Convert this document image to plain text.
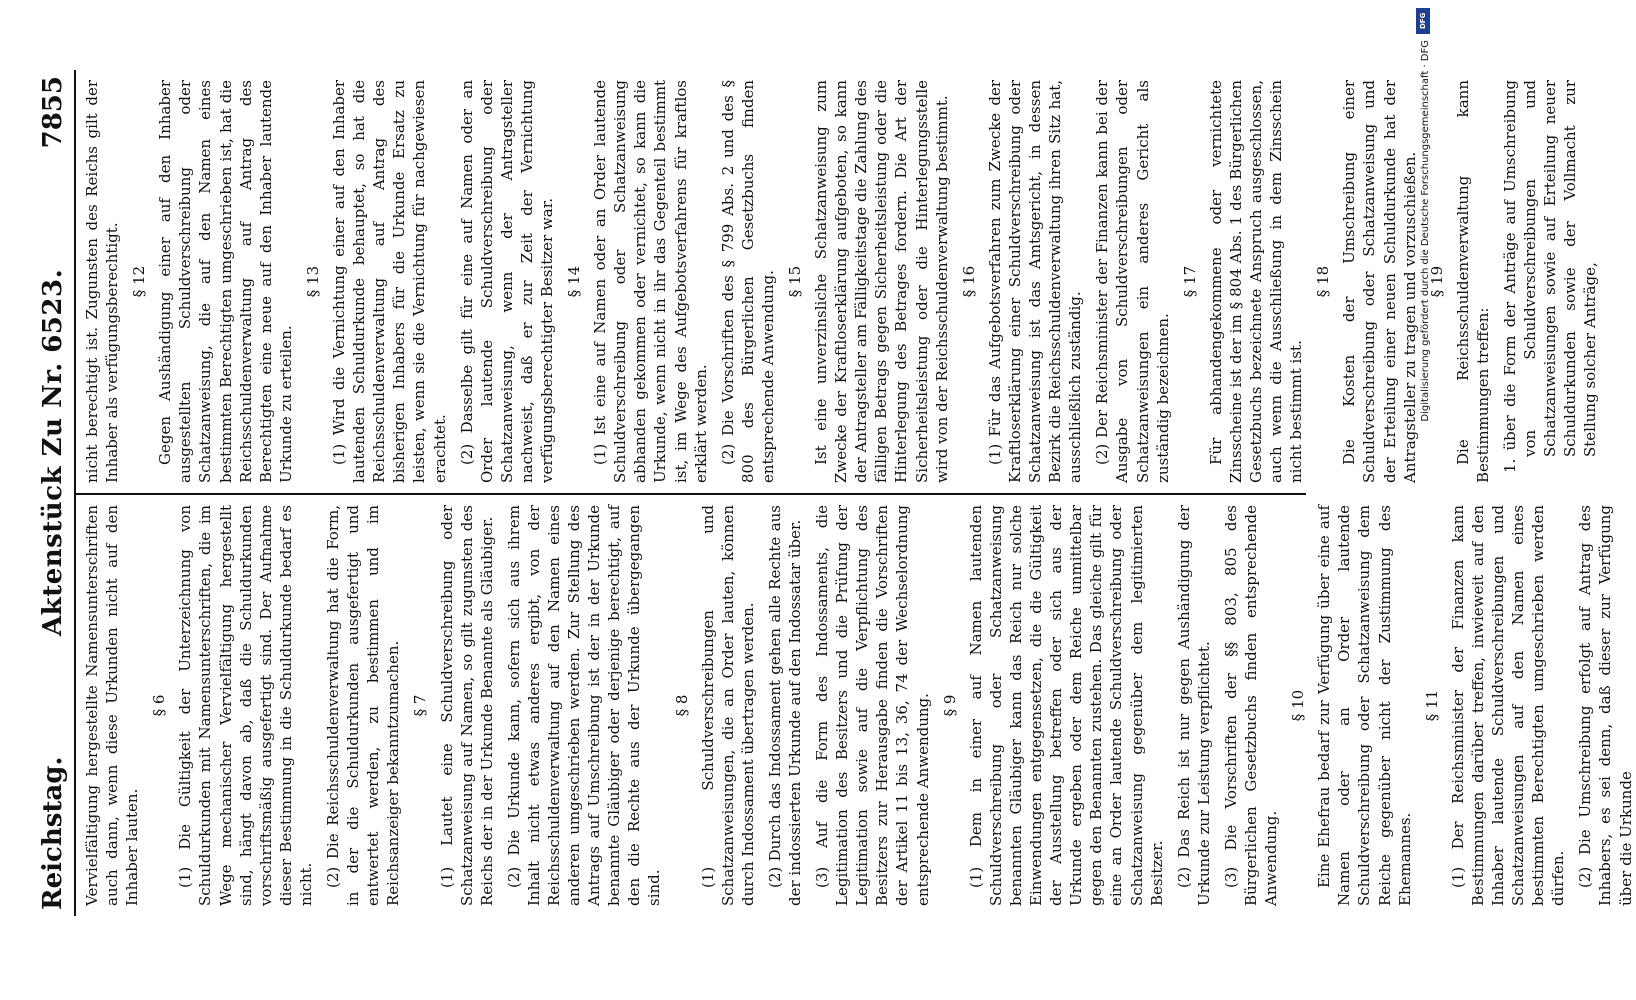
Reichstag.
Aktenstück Zu Nr. 6523.
7855

Vervielfältigung hergestellte Namensunterschriften auch dann, wenn diese Urkunden nicht auf den Inhaber lauten.

§ 6 (1) Die Gültigkeit der Unterzeichnung von Schuldurkunden mit Namensunterschriften, die im Wege mechanischer Vervielfältigung hergestellt sind, hängt davon ab, daß die Schuldurkunden vorschriftsmäßig ausgefertigt sind. Der Aufnahme dieser Bestimmung in die Schuldurkunde bedarf es nicht. (2) Die Reichsschuldenverwaltung hat die Form, in der die Schuldurkunden ausgefertigt und entwertet werden, zu bestimmen und im Reichsanzeiger bekanntzumachen. § 7 (1) Lautet eine Schuldverschreibung oder Schatzanweisung auf Namen, so gilt zugunsten des Reichs der in der Urkunde Benannte als Gläubiger. (2) Die Urkunde kann, sofern sich aus ihrem Inhalt nicht etwas anderes ergibt, von der Reichsschuldenverwaltung auf den Namen eines anderen umgeschrieben werden. Zur Stellung des Antrags auf Umschreibung ist der in der Urkunde benannte Gläubiger oder derjenige berechtigt, auf den die Rechte aus der Urkunde übergegangen sind.

§ 8 (1) Schuldverschreibungen und Schatzanweisungen, die an Order lauten, können durch Indossament übertragen werden. (2) Durch das Indossament gehen alle Rechte aus der indossierten Urkunde auf den Indossatar über. (3) Auf die Form des Indossaments, die Legitimation des Besitzers und die Prüfung der Legitimation sowie auf die Verpflichtung des Besitzers zur Herausgabe finden die Vorschriften der Artikel 11 bis 13, 36, 74 der Wechselordnung entsprechende Anwendung. § 9 (1) Dem in einer auf Namen lautenden Schuldverschreibung oder Schatzanweisung benannten Gläubiger kann das Reich nur solche Einwendungen entgegensetzen, die die Gültigkeit der Ausstellung betreffen oder sich aus der Urkunde ergeben oder dem Reiche unmittelbar gegen den Benannten zustehen. Das gleiche gilt für eine an Order lautende Schuldverschreibung oder Schatzanweisung gegenüber dem legitimierten Besitzer. (2) Das Reich ist nur gegen Aushändigung der Urkunde zur Leistung verpflichtet. (3) Die Vorschriften der §§ 803, 805 des Bürgerlichen Gesetzbuchs finden entsprechende Anwendung.

§ 10 Eine Ehefrau bedarf zur Verfügung über eine auf Namen oder an Order lautende Schuldverschreibung oder Schatzanweisung dem Reiche gegenüber nicht der Zustimmung des Ehemannes.

§ 11 (1) Der Reichsminister der Finanzen kann Bestimmungen darüber treffen, inwieweit auf den Inhaber lautende Schuldverschreibungen und Schatzanweisungen auf den Namen eines bestimmten Berechtigten umgeschrieben werden dürfen. (2) Die Umschreibung erfolgt auf Antrag des Inhabers, es sei denn, daß dieser zur Verfügung über die Urkunde

nicht berechtigt ist. Zugunsten des Reichs gilt der Inhaber als verfügungsberechtigt. § 12 Gegen Aushändigung einer auf den Inhaber ausgestellten Schuldverschreibung oder Schatzanweisung, die auf den Namen eines bestimmten Berechtigten umgeschrieben ist, hat die Reichsschuldenverwaltung auf Antrag des Berechtigten eine neue auf den Inhaber lautende Urkunde zu erteilen.

§ 13 (1) Wird die Vernichtung einer auf den Inhaber lautenden Schuldurkunde behauptet, so hat die Reichsschuldenverwaltung auf Antrag des bisherigen Inhabers für die Urkunde Ersatz zu leisten, wenn sie die Vernichtung für nachgewiesen erachtet. (2) Dasselbe gilt für eine auf Namen oder an Order lautende Schuldverschreibung oder Schatzanweisung, wenn der Antragsteller nachweist, daß er zur Zeit der Vernichtung verfügungsberechtigter Besitzer war. § 14 (1) Ist eine auf Namen oder an Order lautende Schuldverschreibung oder Schatzanweisung abhanden gekommen oder vernichtet, so kann die Urkunde, wenn nicht in ihr das Gegenteil bestimmt ist, im Wege des Aufgebotsverfahrens für kraftlos erklärt werden. (2) Die Vorschriften des § 799 Abs. 2 und des § 800 des Bürgerlichen Gesetzbuchs finden entsprechende Anwendung. § 15 Ist eine unverzinsliche Schatzanweisung zum Zwecke der Kraftloserklärung aufgeboten, so kann der Antragsteller am Fälligkeitstage die Zahlung des fälligen Betrags gegen Sicherheitsleistung oder die Hinterlegung des Betrages fordern. Die Art der Sicherheitsleistung oder die Hinterlegungsstelle wird von der Reichsschuldenverwaltung bestimmt. § 16 (1) Für das Aufgebotsverfahren zum Zwecke der Kraftloserklärung einer Schuldverschreibung oder Schatzanweisung ist das Amtsgericht, in dessen Bezirk die Reichsschuldenverwaltung ihren Sitz hat, ausschließlich zuständig. (2) Der Reichsminister der Finanzen kann bei der Ausgabe von Schuldverschreibungen oder Schatzanweisungen ein anderes Gericht als zuständig bezeichnen.

§ 17 Für abhandengekommene oder vernichtete Zinsscheine ist der im § 804 Abs. 1 des Bürgerlichen Gesetzbuchs bezeichnete Anspruch ausgeschlossen, auch wenn die Ausschließung in dem Zinsschein nicht bestimmt ist.

§ 18 Die Kosten der Umschreibung einer Schuldverschreibung oder Schatzanweisung und der Erteilung einer neuen Schuldurkunde hat der Antragsteller zu tragen und vorzuschießen. § 19 Die Reichsschuldenverwaltung kann Bestimmungen treffen: 1. über die Form der Anträge auf Umschreibung von Schuldverschreibungen und Schatzanweisungen sowie auf Erteilung neuer Schuldurkunden sowie der Vollmacht zur Stellung solcher Anträge,

DFG
Digitalisierung gefördert durch die Deutsche Forschungsgemeinschaft · DFG
